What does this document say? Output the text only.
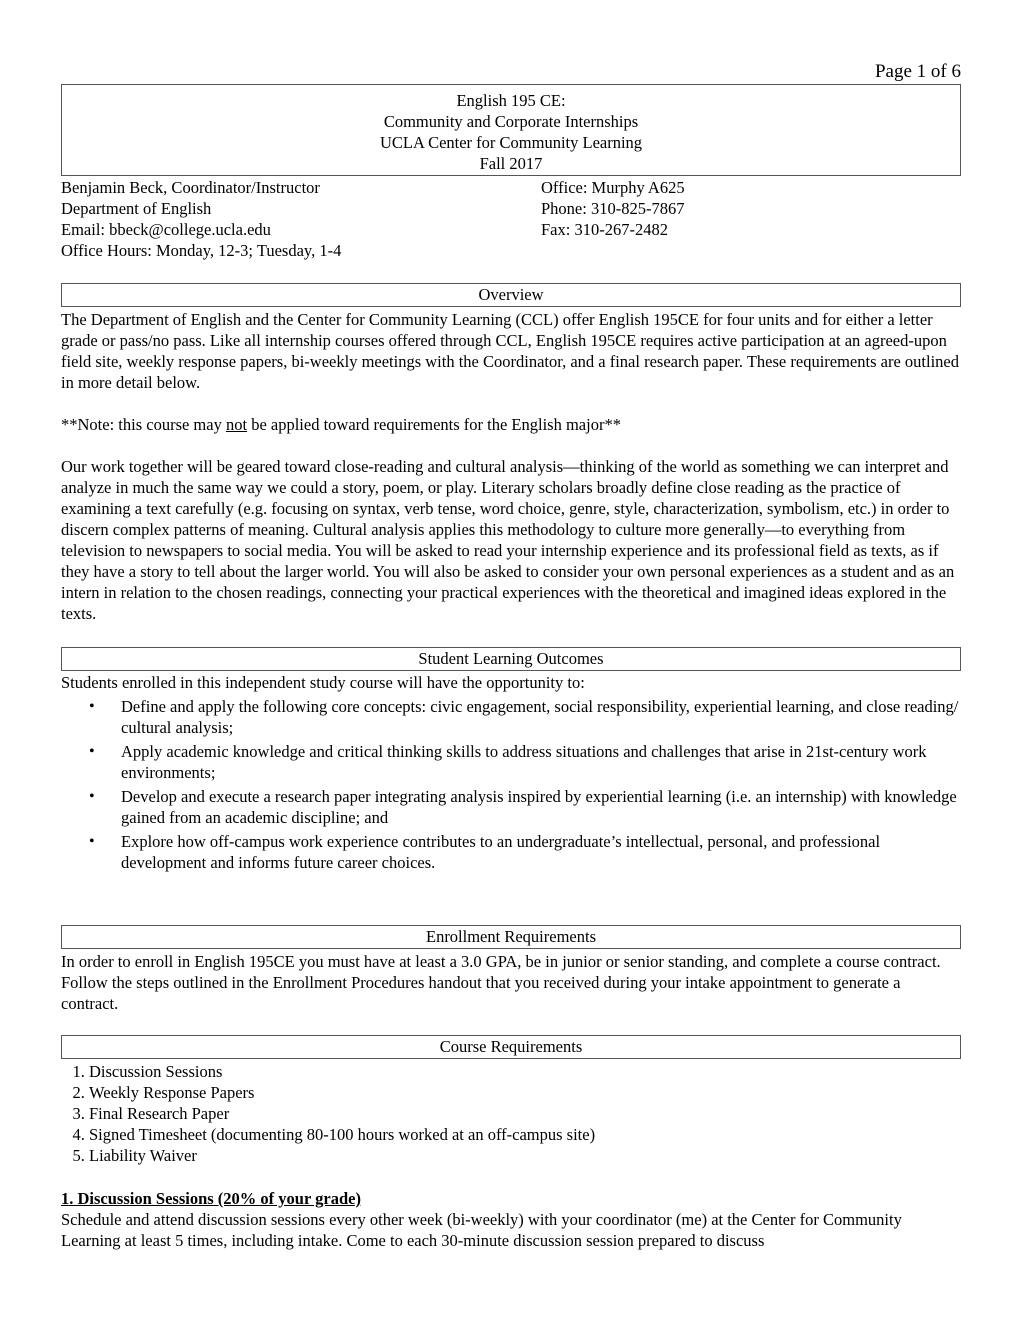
Page 1 of 6
English 195 CE:
Community and Corporate Internships
UCLA Center for Community Learning
Fall 2017
Benjamin Beck, Coordinator/Instructor	Office: Murphy A625
Department of English	Phone: 310-825-7867
Email: bbeck@college.ucla.edu	Fax: 310-267-2482
Office Hours: Monday, 12-3; Tuesday, 1-4
Overview

The Department of English and the Center for Community Learning (CCL) offer English 195CE for four units and for either a letter grade or pass/no pass. Like all internship courses offered through CCL, English 195CE requires active participation at an agreed-upon field site, weekly response papers, bi-weekly meetings with the Coordinator, and a final research paper. These requirements are outlined in more detail below.

**Note: this course may not be applied toward requirements for the English major**

Our work together will be geared toward close-reading and cultural analysis—thinking of the world as something we can interpret and analyze in much the same way we could a story, poem, or play. Literary scholars broadly define close reading as the practice of examining a text carefully (e.g. focusing on syntax, verb tense, word choice, genre, style, characterization, symbolism, etc.) in order to discern complex patterns of meaning. Cultural analysis applies this methodology to culture more generally—to everything from television to newspapers to social media. You will be asked to read your internship experience and its professional field as texts, as if they have a story to tell about the larger world. You will also be asked to consider your own personal experiences as a student and as an intern in relation to the chosen readings, connecting your practical experiences with the theoretical and imagined ideas explored in the texts.

Student Learning Outcomes

Students enrolled in this independent study course will have the opportunity to:

• Define and apply the following core concepts: civic engagement, social responsibility, experiential learning, and close reading/ cultural analysis;
• Apply academic knowledge and critical thinking skills to address situations and challenges that arise in 21st-century work environments;
• Develop and execute a research paper integrating analysis inspired by experiential learning (i.e. an internship) with knowledge gained from an academic discipline; and
• Explore how off-campus work experience contributes to an undergraduate’s intellectual, personal, and professional development and informs future career choices.
Enrollment Requirements
In order to enroll in English 195CE you must have at least a 3.0 GPA, be in junior or senior standing, and complete a course contract. Follow the steps outlined in the Enrollment Procedures handout that you received during your intake appointment to generate a contract.
Course Requirements
1. Discussion Sessions
2. Weekly Response Papers
3. Final Research Paper
4. Signed Timesheet (documenting 80-100 hours worked at an off-campus site)
5. Liability Waiver

1. Discussion Sessions (20% of your grade)

Schedule and attend discussion sessions every other week (bi-weekly) with your coordinator (me) at the Center for Community Learning at least 5 times, including intake. Come to each 30-minute discussion session prepared to discuss
